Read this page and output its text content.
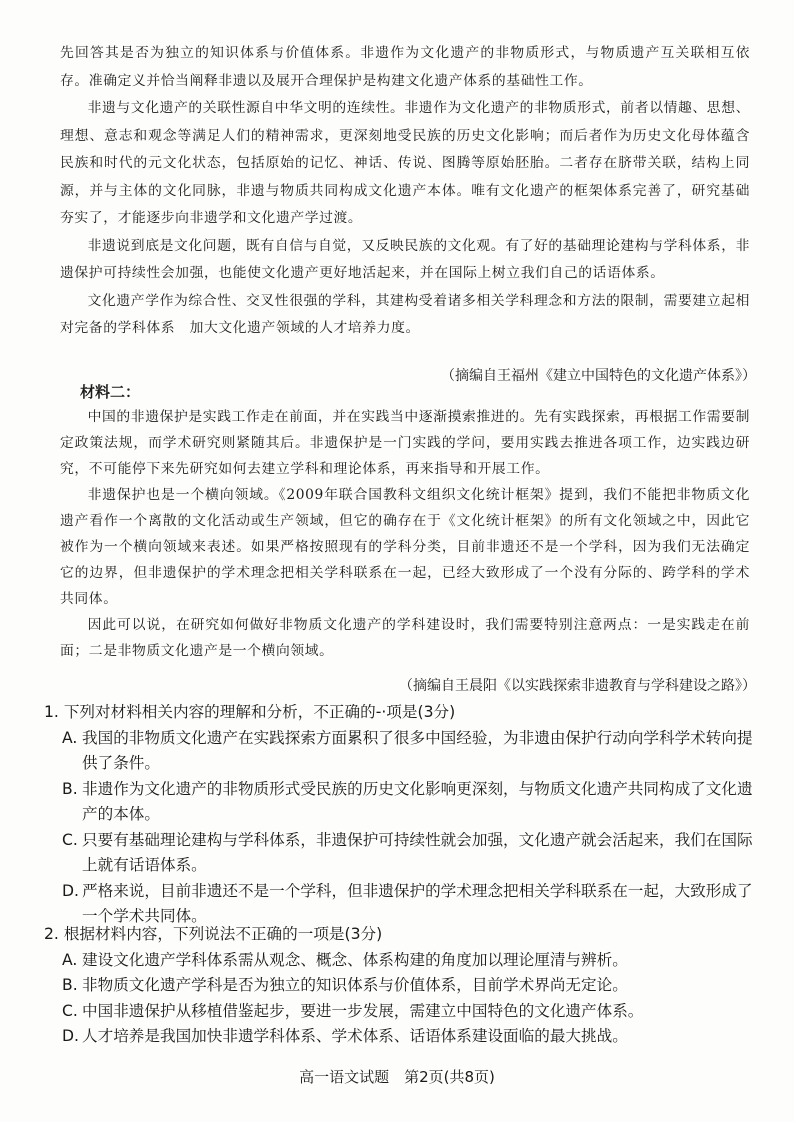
先回答其是否为独立的知识体系与价值体系。非遗作为文化遗产的非物质形式，与物质遗产互关联相互依存。准确定义并恰当阐释非遗以及展开合理保护是构建文化遗产体系的基础性工作。

非遗与文化遗产的关联性源自中华文明的连续性。非遗作为文化遗产的非物质形式，前者以情趣、思想、理想、意志和观念等满足人们的精神需求，更深刻地受民族的历史文化影响；而后者作为历史文化母体蕴含民族和时代的元文化状态，包括原始的记忆、神话、传说、图腾等原始胚胎。二者存在脐带关联，结构上同源，并与主体的文化同脉，非遗与物质共同构成文化遗产本体。唯有文化遗产的框架体系完善了，研究基础夯实了，才能逐步向非遗学和文化遗产学过渡。

非遗说到底是文化问题，既有自信与自觉，又反映民族的文化观。有了好的基础理论建构与学科体系，非遗保护可持续性会加强，也能使文化遗产更好地活起来，并在国际上树立我们自己的话语体系。

文化遗产学作为综合性、交叉性很强的学科，其建构受着诸多相关学科理念和方法的限制，需要建立起相对完备的学科体系　加大文化遗产领域的人才培养力度。

（摘编自王福州《建立中国特色的文化遗产体系》）
材料二：

中国的非遗保护是实践工作走在前面，并在实践当中逐渐摸索推进的。先有实践探索，再根据工作需要制定政策法规，而学术研究则紧随其后。非遗保护是一门实践的学问，要用实践去推进各项工作，边实践边研究，不可能停下来先研究如何去建立学科和理论体系，再来指导和开展工作。

非遗保护也是一个横向领域。《2009年联合国教科文组织文化统计框架》提到，我们不能把非物质文化遗产看作一个离散的文化活动或生产领域，但它的确存在于《文化统计框架》的所有文化领域之中，因此它被作为一个横向领域来表述。如果严格按照现有的学科分类，目前非遗还不是一个学科，因为我们无法确定它的边界，但非遗保护的学术理念把相关学科联系在一起，已经大致形成了一个没有分际的、跨学科的学术共同体。

因此可以说，在研究如何做好非物质文化遗产的学科建设时，我们需要特别注意两点：一是实践走在前面；二是非物质文化遗产是一个横向领域。

（摘编自王晨阳《以实践探索非遗教育与学科建设之路》）

1. 下列对材料相关内容的理解和分析，不正确的-·项是(3分)

A. 我国的非物质文化遗产在实践探索方面累积了很多中国经验，为非遗由保护行动向学科学术转向提供了条件。

B. 非遗作为文化遗产的非物质形式受民族的历史文化影响更深刻，与物质文化遗产共同构成了文化遗产的本体。

C. 只要有基础理论建构与学科体系，非遗保护可持续性就会加强，文化遗产就会活起来，我们在国际上就有话语体系。

D. 严格来说，目前非遗还不是一个学科，但非遗保护的学术理念把相关学科联系在一起，大致形成了一个学术共同体。

2. 根据材料内容，下列说法不正确的一项是(3分)

A. 建设文化遗产学科体系需从观念、概念、体系构建的角度加以理论厘清与辨析。

B. 非物质文化遗产学科是否为独立的知识体系与价值体系，目前学术界尚无定论。

C. 中国非遗保护从移植借鉴起步，要进一步发展，需建立中国特色的文化遗产体系。

D. 人才培养是我国加快非遗学科体系、学术体系、话语体系建设面临的最大挑战。

高一语文试题　第2页(共8页)
